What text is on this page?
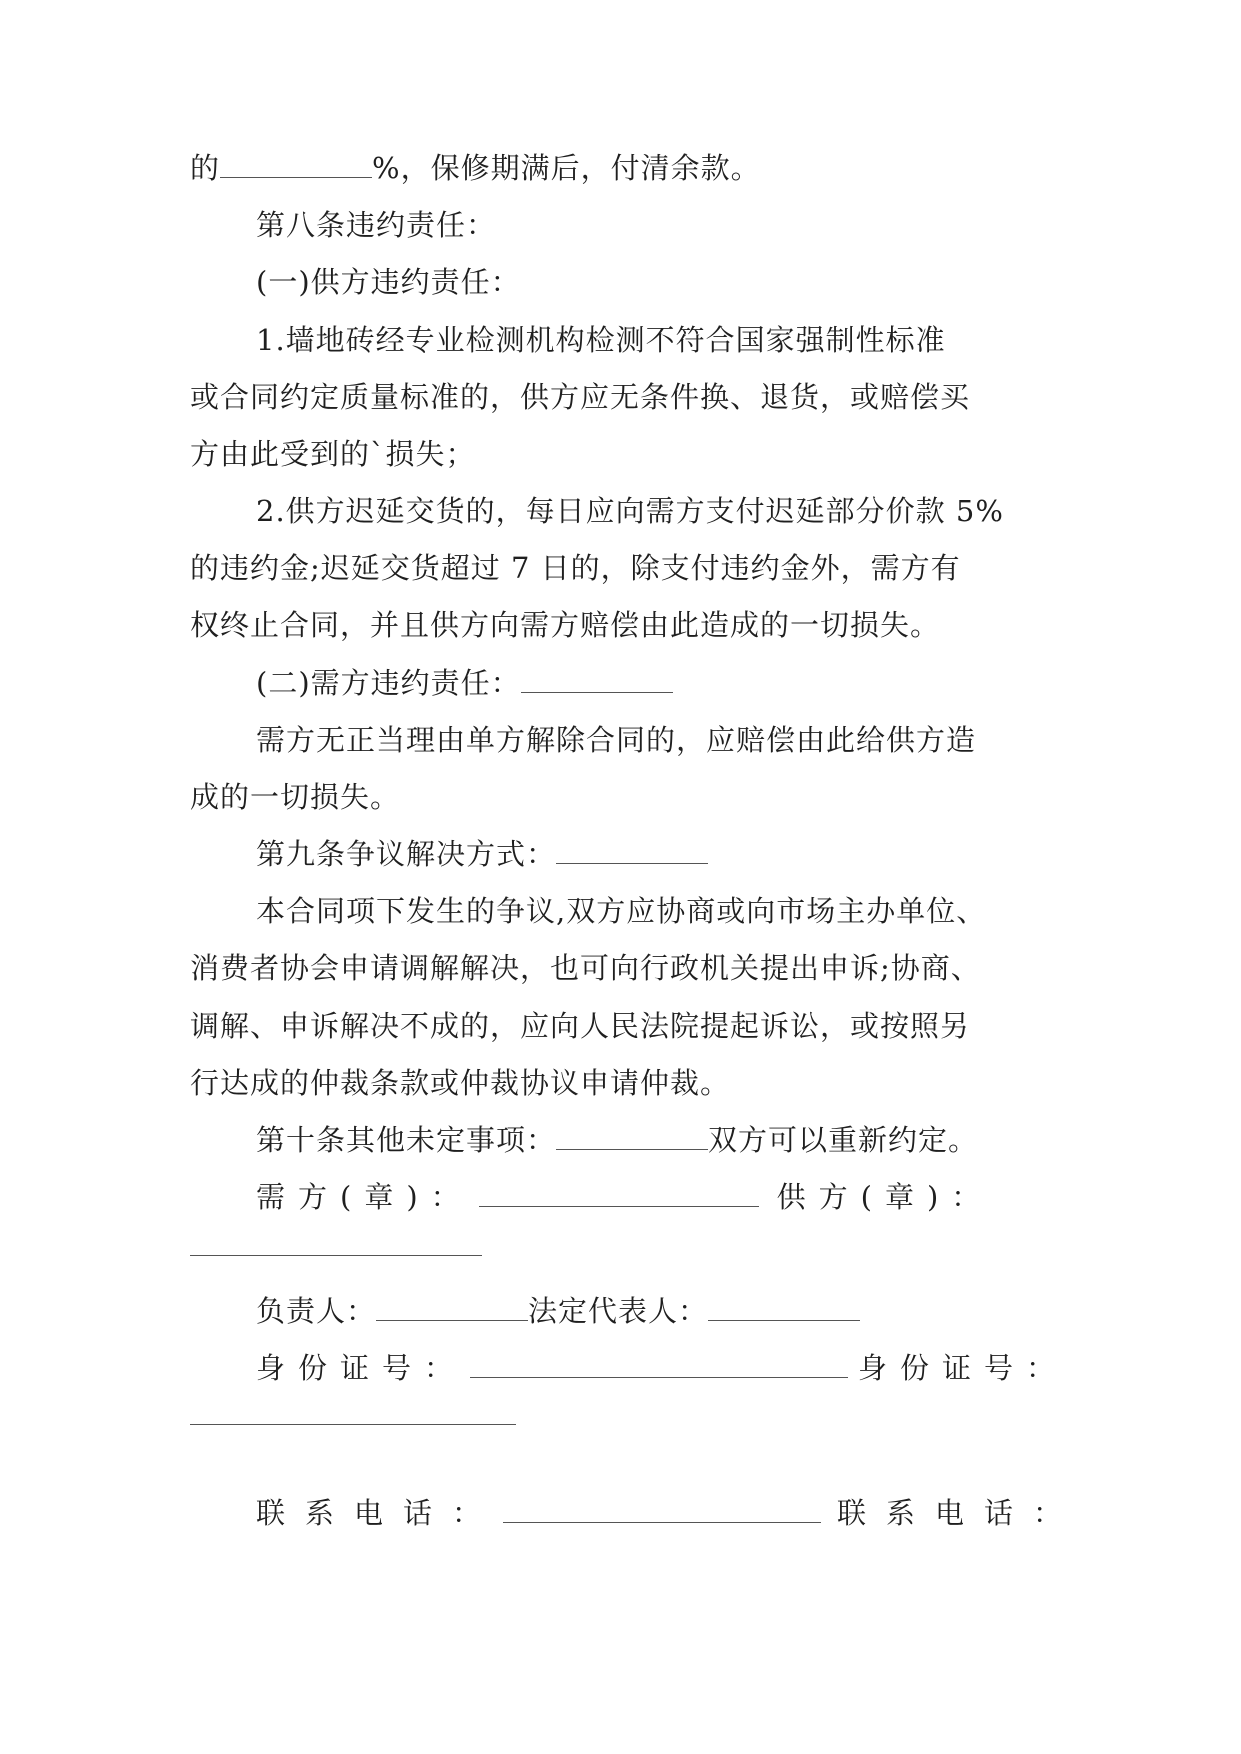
的	%，保修期满后，付清余款。
第八条违约责任：
(一)供方违约责任：
1.墙地砖经专业检测机构检测不符合国家强制性标准
或合同约定质量标准的，供方应无条件换、退货，或赔偿买
方由此受到的`损失；
2.供方迟延交货的，每日应向需方支付迟延部分价款 5%
的违约金;迟延交货超过 7 日的，除支付违约金外，需方有
权终止合同，并且供方向需方赔偿由此造成的一切损失。
(二)需方违约责任：
需方无正当理由单方解除合同的，应赔偿由此给供方造
成的一切损失。
第九条争议解决方式：
本合同项下发生的争议,双方应协商或向市场主办单位、
消费者协会申请调解解决，也可向行政机关提出申诉;协商、
调解、申诉解决不成的，应向人民法院提起诉讼，或按照另
行达成的仲裁条款或仲裁协议申请仲裁。
第十条其他未定事项：	双方可以重新约定。
需方(章)：	供方(章)：
负责人：	法定代表人：
身份证号：	身份证号：
联系电话：	联系电话：
